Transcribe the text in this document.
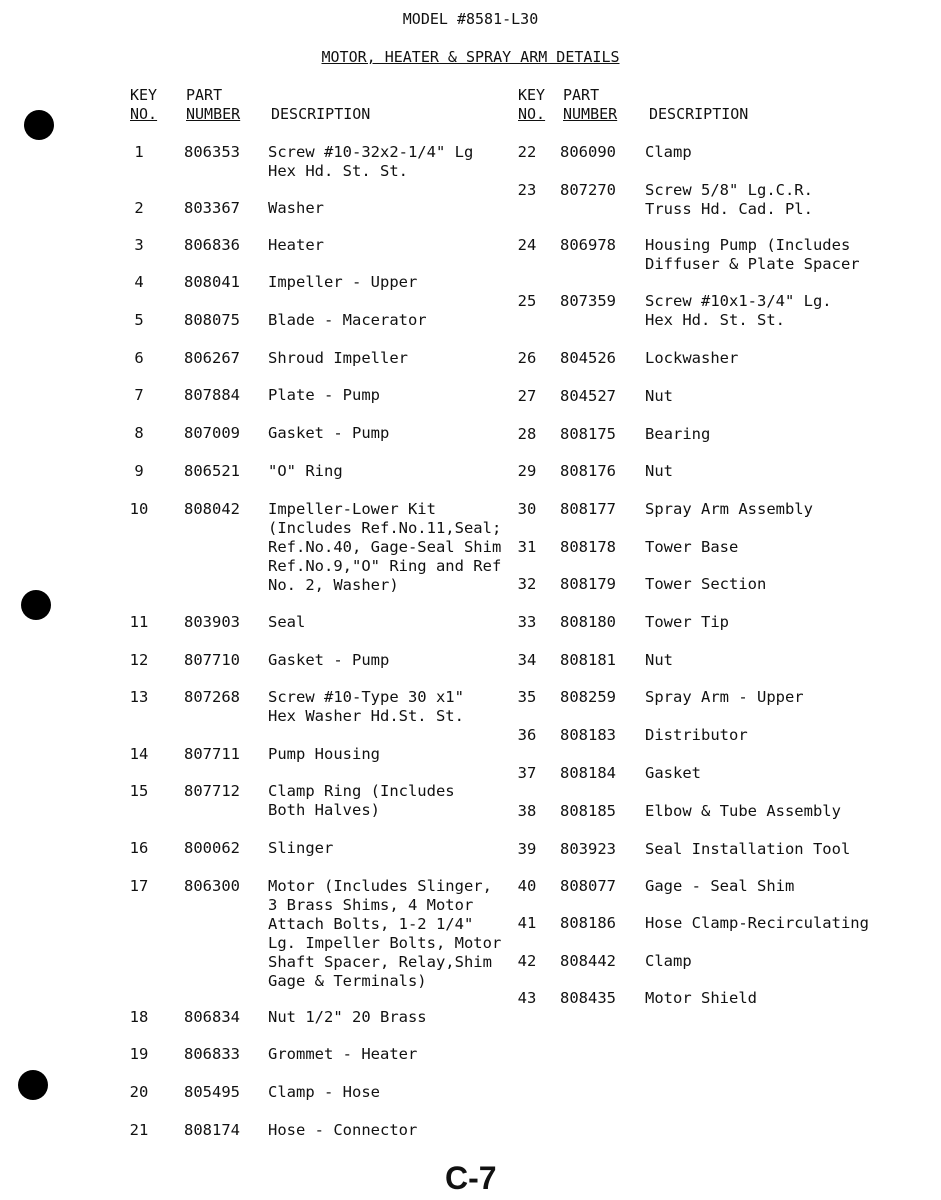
MODEL #8581-L30
MOTOR, HEATER & SPRAY ARM DETAILS
KEY
NO.
PART
NUMBER DESCRIPTION
KEY
NO.
PART
NUMBER DESCRIPTION
1	806353 Screw #10-32x2-1/4" Lg
Hex Hd. St. St.
2	803367 Washer
3	806836 Heater
4	808041 Impeller - Upper
5	808075 Blade - Macerator
6	806267 Shroud Impeller
7	807884 Plate - Pump
8	807009 Gasket - Pump
9	806521 "O" Ring
10	808042 Impeller-Lower Kit
(Includes Ref.No.11,Seal;
Ref.No.40, Gage-Seal Shim
Ref.No.9,"O" Ring and Ref
No. 2, Washer)
11	803903 Seal
12	807710 Gasket - Pump
13	807268 Screw #10-Type 30 x1"
Hex Washer Hd.St. St.
14	807711 Pump Housing
15	807712 Clamp Ring (Includes
Both Halves)
16	800062 Slinger
17	806300 Motor (Includes Slinger,
3 Brass Shims, 4 Motor
Attach Bolts, 1-2 1/4"
Lg. Impeller Bolts, Motor
Shaft Spacer, Relay,Shim
Gage & Terminals)
18	806834 Nut 1/2" 20 Brass
19	806833 Grommet - Heater
20	805495 Clamp - Hose
21	808174 Hose - Connector
22	806090 Clamp
23	807270 Screw 5/8" Lg.C.R.
Truss Hd. Cad. Pl.
24	806978 Housing Pump (Includes
Diffuser & Plate Spacer
25	807359 Screw #10x1-3/4" Lg.
Hex Hd. St. St.
26	804526 Lockwasher
27	804527 Nut
28	808175 Bearing
29	808176 Nut
30	808177 Spray Arm Assembly
31	808178 Tower Base
32	808179 Tower Section
33	808180 Tower Tip
34	808181 Nut
35	808259 Spray Arm - Upper
36	808183 Distributor
37	808184 Gasket
38	808185 Elbow & Tube Assembly
39	803923 Seal Installation Tool
40	808077 Gage - Seal Shim
41	808186 Hose Clamp-Recirculating
42	808442 Clamp
43	808435 Motor Shield
C-7
